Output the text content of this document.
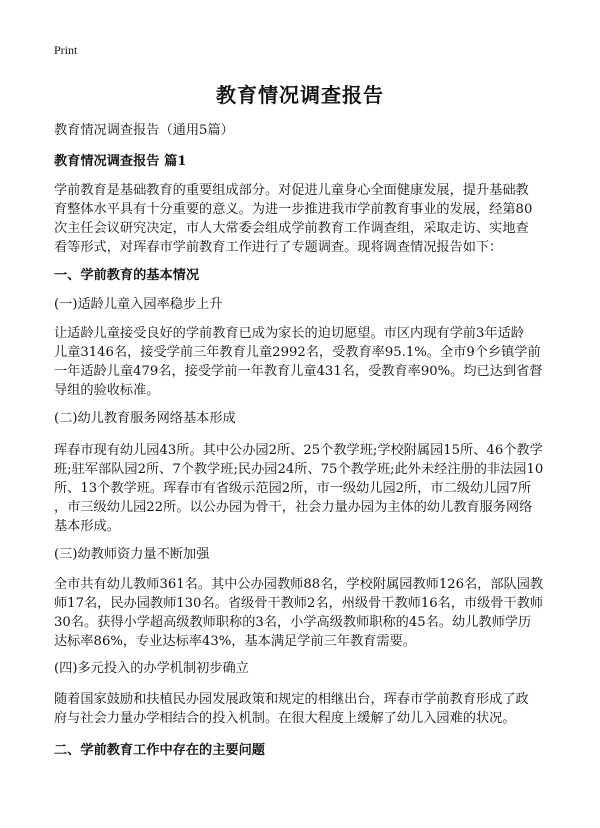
Print
教育情况调查报告
教育情况调查报告（通用5篇）
教育情况调查报告 篇1
学前教育是基础教育的重要组成部分。对促进儿童身心全面健康发展，提升基础教
育整体水平具有十分重要的意义。为进一步推进我市学前教育事业的发展，经第80
次主任会议研究决定，市人大常委会组成学前教育工作调查组，采取走访、实地查
看等形式，对珲春市学前教育工作进行了专题调查。现将调查情况报告如下：
一、学前教育的基本情况
(一)适龄儿童入园率稳步上升
让适龄儿童接受良好的学前教育已成为家长的迫切愿望。市区内现有学前3年适龄
儿童3146名，接受学前三年教育儿童2992名，受教育率95.1%。全市9个乡镇学前
一年适龄儿童479名，接受学前一年教育儿童431名，受教育率90%。均已达到省督
导组的验收标准。
(二)幼儿教育服务网络基本形成
珲春市现有幼儿园43所。其中公办园2所、25个教学班;学校附属园15所、46个教学
班;驻军部队园2所、7个教学班;民办园24所、75个教学班;此外未经注册的非法园10
所、13个教学班。珲春市有省级示范园2所，市一级幼儿园2所，市二级幼儿园7所
，市三级幼儿园22所。以公办园为骨干，社会力量办园为主体的幼儿教育服务网络
基本形成。
(三)幼教师资力量不断加强
全市共有幼儿教师361名。其中公办园教师88名，学校附属园教师126名，部队园教
师17名，民办园教师130名。省级骨干教师2名，州级骨干教师16名，市级骨干教师
30名。获得小学超高级教师职称的3名，小学高级教师职称的45名。幼儿教师学历
达标率86%，专业达标率43%，基本满足学前三年教育需要。
(四)多元投入的办学机制初步确立
随着国家鼓励和扶植民办园发展政策和规定的相继出台，珲春市学前教育形成了政
府与社会力量办学相结合的投入机制。在很大程度上缓解了幼儿入园难的状况。
二、学前教育工作中存在的主要问题
